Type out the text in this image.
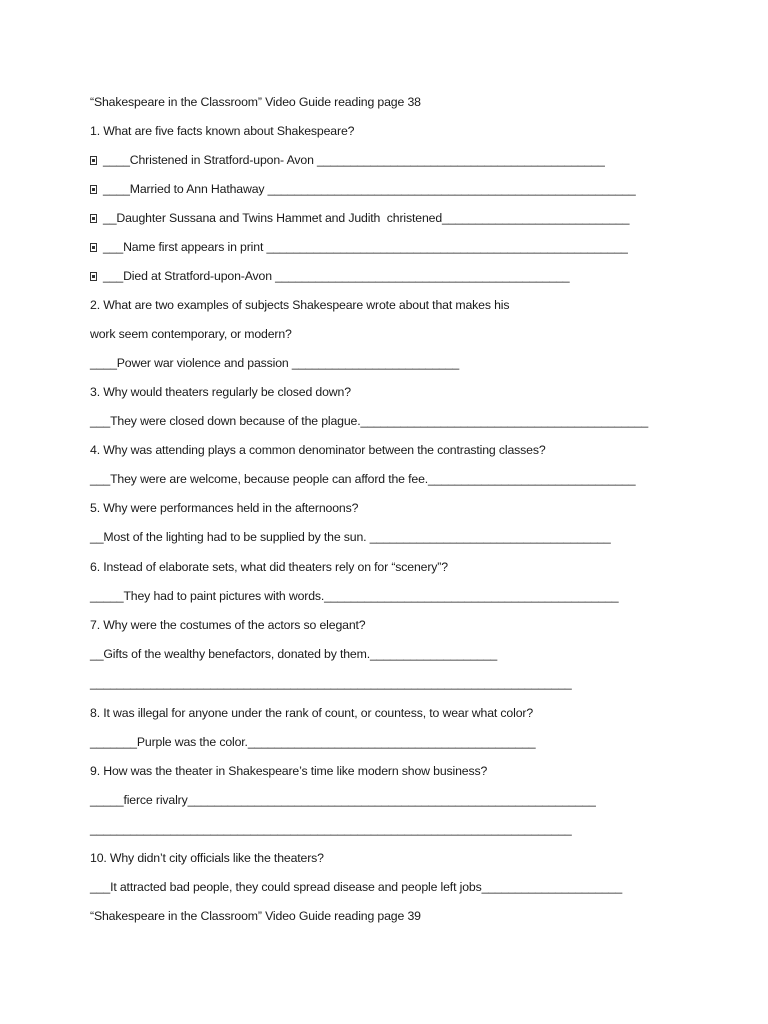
“Shakespeare in the Classroom” Video Guide reading page 38

1. What are five facts known about Shakespeare?

____Christened in Stratford-upon- Avon ___________________________________________

____Married to Ann Hathaway _______________________________________________________

__Daughter Sussana and Twins Hammet and Judith  christened____________________________

___Name first appears in print ______________________________________________________

___Died at Stratford-upon-Avon ____________________________________________

2. What are two examples of subjects Shakespeare wrote about that makes his

work seem contemporary, or modern?

____Power war violence and passion _________________________

3. Why would theaters regularly be closed down?

___They were closed down because of the plague.___________________________________________

4. Why was attending plays a common denominator between the contrasting classes?

___They were are welcome, because people can afford the fee._______________________________

5. Why were performances held in the afternoons?

__Most of the lighting had to be supplied by the sun. ____________________________________

6. Instead of elaborate sets, what did theaters rely on for “scenery”?

_____They had to paint pictures with words.____________________________________________

7. Why were the costumes of the actors so elegant?

__Gifts of the wealthy benefactors, donated by them.___________________

________________________________________________________________________

8. It was illegal for anyone under the rank of count, or countess, to wear what color?

_______Purple was the color.___________________________________________

9. How was the theater in Shakespeare’s time like modern show business?

_____fierce rivalry_____________________________________________________________

________________________________________________________________________

10. Why didn’t city officials like the theaters?

___It attracted bad people, they could spread disease and people left jobs_____________________

“Shakespeare in the Classroom” Video Guide reading page 39
